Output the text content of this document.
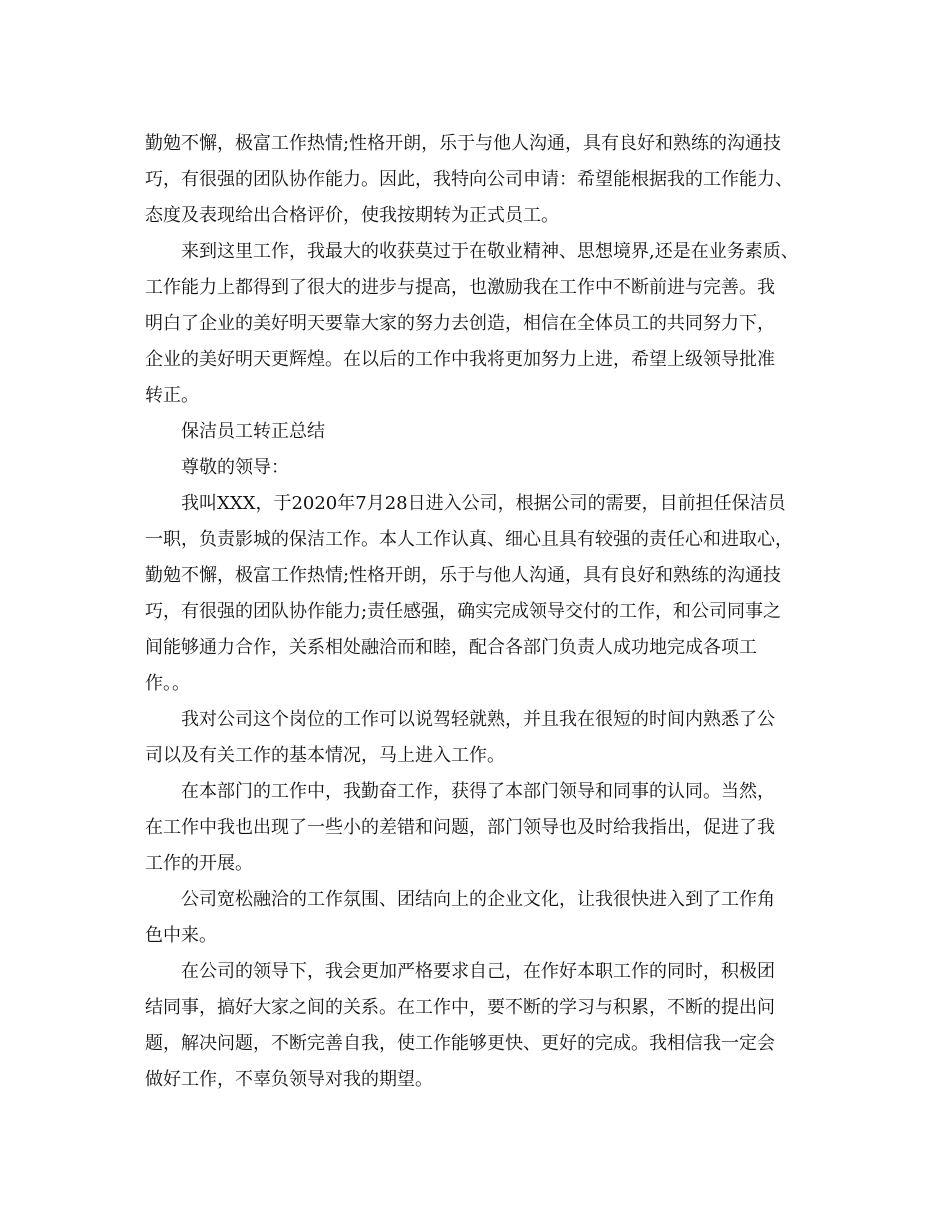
勤勉不懈，极富工作热情;性格开朗，乐于与他人沟通，具有良好和熟练的沟通技
巧，有很强的团队协作能力。因此，我特向公司申请：希望能根据我的工作能力、
态度及表现给出合格评价，使我按期转为正式员工。
来到这里工作，我最大的收获莫过于在敬业精神、思想境界,还是在业务素质、
工作能力上都得到了很大的进步与提高，也激励我在工作中不断前进与完善。我
明白了企业的美好明天要靠大家的努力去创造，相信在全体员工的共同努力下，
企业的美好明天更辉煌。在以后的工作中我将更加努力上进，希望上级领导批准
转正。
保洁员工转正总结
尊敬的领导：
我叫XXX，于2020年7月28日进入公司，根据公司的需要，目前担任保洁员
一职，负责影城的保洁工作。本人工作认真、细心且具有较强的责任心和进取心，
勤勉不懈，极富工作热情;性格开朗，乐于与他人沟通，具有良好和熟练的沟通技
巧，有很强的团队协作能力;责任感强，确实完成领导交付的工作，和公司同事之
间能够通力合作，关系相处融洽而和睦，配合各部门负责人成功地完成各项工
作。。
我对公司这个岗位的工作可以说驾轻就熟，并且我在很短的时间内熟悉了公
司以及有关工作的基本情况，马上进入工作。
在本部门的工作中，我勤奋工作，获得了本部门领导和同事的认同。当然，
在工作中我也出现了一些小的差错和问题，部门领导也及时给我指出，促进了我
工作的开展。
公司宽松融洽的工作氛围、团结向上的企业文化，让我很快进入到了工作角
色中来。
在公司的领导下，我会更加严格要求自己，在作好本职工作的同时，积极团
结同事，搞好大家之间的关系。在工作中，要不断的学习与积累，不断的提出问
题，解决问题，不断完善自我，使工作能够更快、更好的完成。我相信我一定会
做好工作，不辜负领导对我的期望。
